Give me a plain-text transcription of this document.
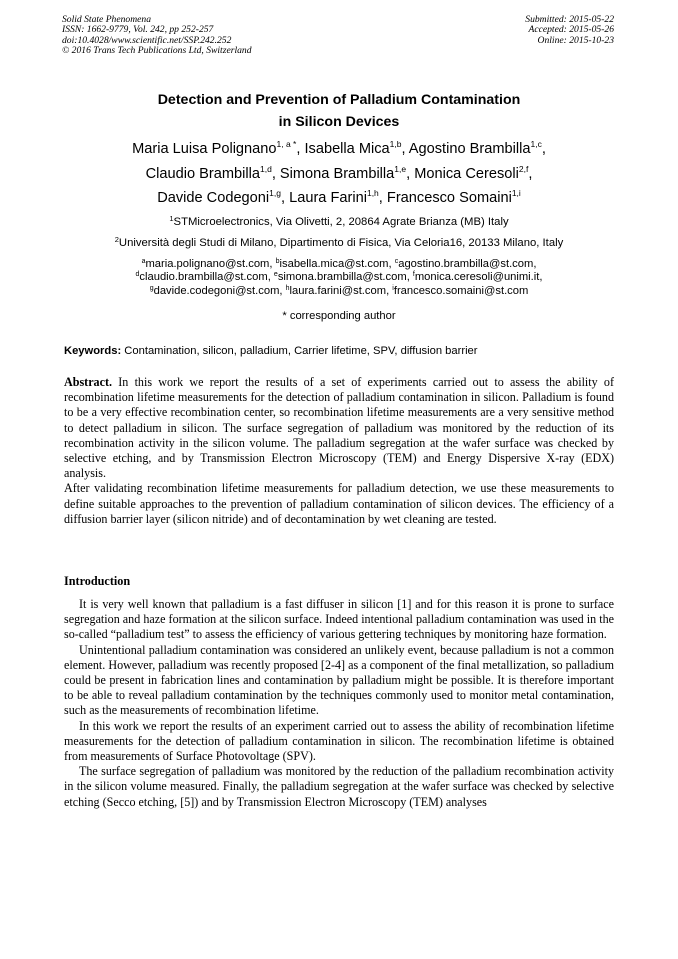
Solid State Phenomena
ISSN: 1662-9779, Vol. 242, pp 252-257
doi:10.4028/www.scientific.net/SSP.242.252
© 2016 Trans Tech Publications Ltd, Switzerland
Submitted: 2015-05-22
Accepted: 2015-05-26
Online: 2015-10-23
Detection and Prevention of Palladium Contamination
in Silicon Devices
Maria Luisa Polignano$^{1, a *}$, Isabella Mica$^{1,b}$, Agostino Brambilla$^{1,c}$,
Claudio Brambilla$^{1,d}$, Simona Brambilla$^{1,e}$, Monica Ceresoli$^{2,f}$,
Davide Codegoni$^{1,g}$, Laura Farini$^{1,h}$, Francesco Somaini$^{1,i}$
$^1$STMicroelectronics, Via Olivetti, 2, 20864 Agrate Brianza (MB) Italy
$^2$Università degli Studi di Milano, Dipartimento di Fisica, Via Celoria16, 20133 Milano, Italy
$^a$maria.polignano@st.com, $^b$isabella.mica@st.com, $^c$agostino.brambilla@st.com,
$^d$claudio.brambilla@st.com, $^e$simona.brambilla@st.com, $^f$monica.ceresoli@unimi.it,
$^g$davide.codegoni@st.com, $^h$laura.farini@st.com, $^i$francesco.somaini@st.com
* corresponding author
Keywords: Contamination, silicon, palladium, Carrier lifetime, SPV, diffusion barrier

Abstract. In this work we report the results of a set of experiments carried out to assess the ability of recombination lifetime measurements for the detection of palladium contamination in silicon. Palladium is found to be a very effective recombination center, so recombination lifetime measurements are a very sensitive method to detect palladium in silicon. The surface segregation of palladium was monitored by the reduction of its recombination activity in the silicon volume. The palladium segregation at the wafer surface was checked by selective etching, and by Transmission Electron Microscopy (TEM) and Energy Dispersive X-ray (EDX) analysis.

After validating recombination lifetime measurements for palladium detection, we use these measurements to define suitable approaches to the prevention of palladium contamination of silicon devices. The efficiency of a diffusion barrier layer (silicon nitride) and of decontamination by wet cleaning are tested.

Introduction

It is very well known that palladium is a fast diffuser in silicon [1] and for this reason it is prone to surface segregation and haze formation at the silicon surface. Indeed intentional palladium contamination was used in the so-called “palladium test” to assess the efficiency of various gettering techniques by monitoring haze formation.

Unintentional palladium contamination was considered an unlikely event, because palladium is not a common element. However, palladium was recently proposed [2-4] as a component of the final metallization, so palladium could be present in fabrication lines and contamination by palladium might be possible. It is therefore important to be able to reveal palladium contamination by the techniques commonly used to monitor metal contamination, such as the measurements of recombination lifetime.

In this work we report the results of an experiment carried out to assess the ability of recombination lifetime measurements for the detection of palladium contamination in silicon. The recombination lifetime is obtained from measurements of Surface Photovoltage (SPV).

The surface segregation of palladium was monitored by the reduction of the palladium recombination activity in the silicon volume measured. Finally, the palladium segregation at the wafer surface was checked by selective etching (Secco etching, [5]) and by Transmission Electron Microscopy (TEM) analyses
